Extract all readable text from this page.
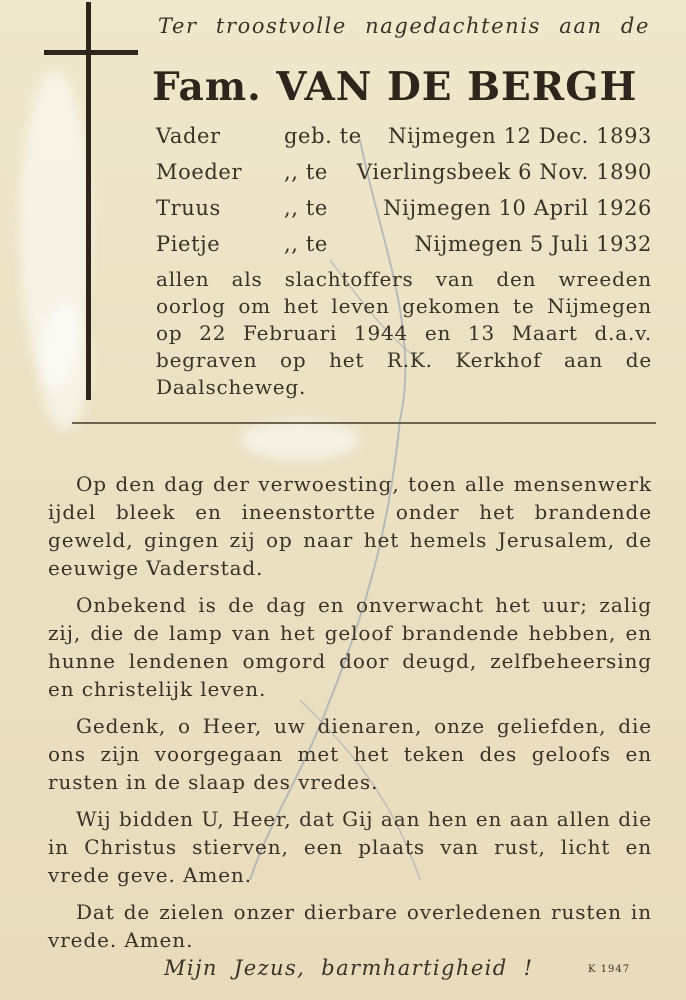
Ter troostvolle nagedachtenis aan de
Fam. VAN DE BERGH
Vader	geb. te Nijmegen 12 Dec. 1893
Moeder ,, te Vierlingsbeek 6 Nov. 1890
Truus	,, te	Nijmegen 10 April 1926
Pietje	,, te	Nijmegen 5 Juli 1932
allen als slachtoffers van den wreeden oorlog om het leven gekomen te Nijmegen op 22 Februari 1944 en 13 Maart d.a.v. begraven op het R.K. Kerkhof aan de Daalscheweg.

Op den dag der verwoesting, toen alle mensenwerk ijdel bleek en ineenstortte onder het brandende geweld, gingen zij op naar het hemels Jerusalem, de eeuwige Vaderstad.

Onbekend is de dag en onverwacht het uur; zalig zij, die de lamp van het geloof brandende hebben, en hunne lendenen omgord door deugd, zelfbeheersing en christelijk leven.

Gedenk, o Heer, uw dienaren, onze geliefden, die ons zijn voorgegaan met het teken des geloofs en rusten in de slaap des vredes.

Wij bidden U, Heer, dat Gij aan hen en aan allen die in Christus stierven, een plaats van rust, licht en vrede geve. Amen.

Dat de zielen onzer dierbare overledenen rusten in vrede. Amen.

Mijn Jezus, barmhartigheid !	K 1947
